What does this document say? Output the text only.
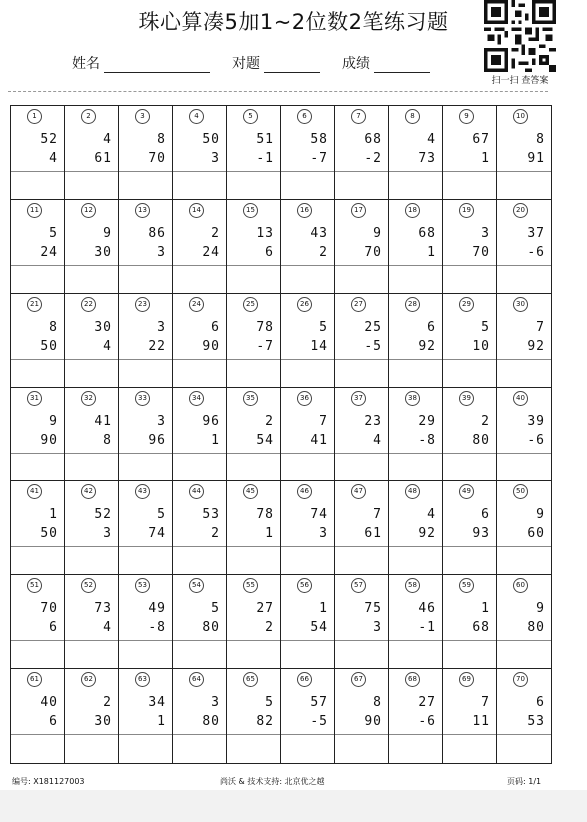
珠心算凑5加1~2位数2笔练习题
姓名	对题	成绩
扫一扫 查答案
1
52
4
2
4
61
3
8
70
4
50
3
5
51
-1
6
58
-7
7
68
-2
8
4
73
9
67
1
10
8
91
11
5
24
12
9
30
13
86
3
14
2
24
15
13
6
16
43
2
17
9
70
18
68
1
19
3
70
20
37
-6
21
8
50
22
30
4
23
3
22
24
6
90
25
78
-7
26
5
14
27
25
-5
28
6
92
29
5
10
30
7
92
31
9
90
32
41
8
33
3
96
34
96
1
35
2
54
36
7
41
37
23
4
38
29
-8
39
2
80
40
39
-6
41
1
50
42
52
3
43
5
74
44
53
2
45
78
1
46
74
3
47
7
61
48
4
92
49
6
93
50
9
60
51
70
6
52
73
4
53
49
-8
54
5
80
55
27
2
56
1
54
57
75
3
58
46
-1
59
1
68
60
9
80
61
40
6
62
2
30
63
34
1
64
3
80
65
5
82
66
57
-5
67
8
90
68
27
-6
69
7
11
70
6
53
编号: X181127003	尚沃 & 技术支持: 北京优之越	页码: 1/1
